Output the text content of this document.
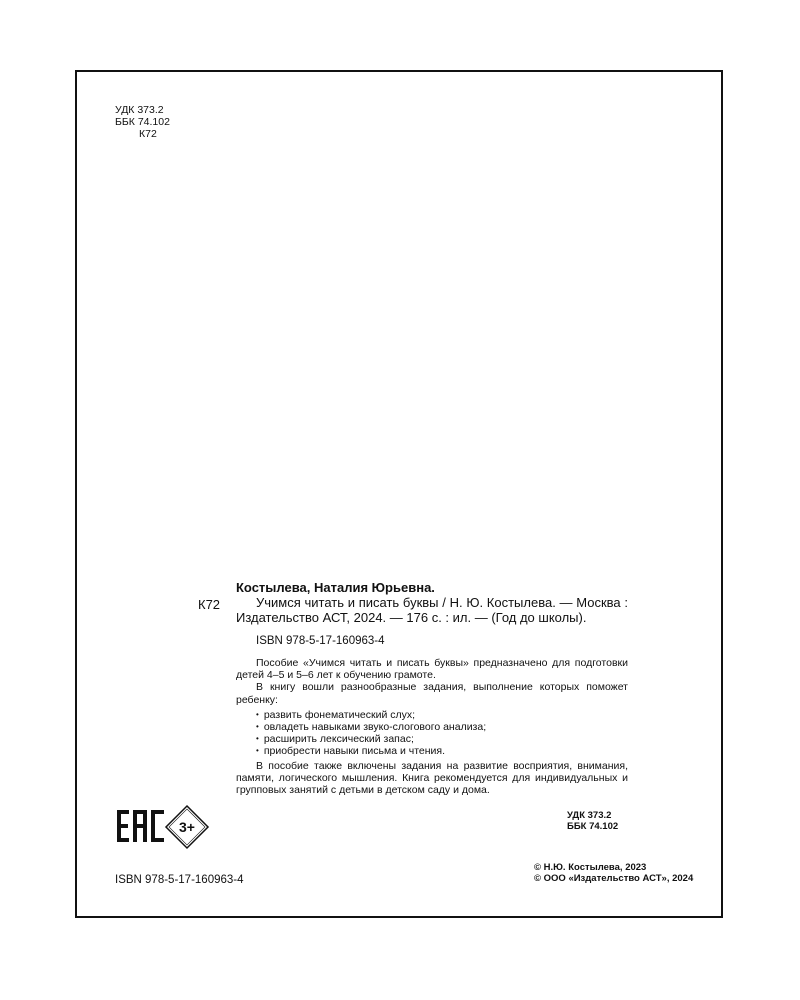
УДК 373.2
ББК 74.102
К72
К72
Костылева, Наталия Юрьевна.

Учимся читать и писать буквы / Н. Ю. Костылева. — Москва : Издательство АСТ, 2024. — 176 с. : ил. — (Год до школы).

ISBN 978-5-17-160963-4

Пособие «Учимся читать и писать буквы» предназначено для подготовки детей 4–5 и 5–6 лет к обучению грамоте.

В книгу вошли разнообразные задания, выполнение которых поможет ребенку:

• развить фонематический слух;
• овладеть навыками звуко-слогового анализа;
• расширить лексический запас;
• приобрести навыки письма и чтения.

В пособие также включены задания на развитие восприятия, внимания, памяти, логического мышления. Книга рекомендуется для индивидуальных и групповых занятий с детьми в детском саду и дома.

УДК 373.2
ББК 74.102
© Н.Ю. Костылева, 2023
© ООО «Издательство АСТ», 2024
ISBN 978-5-17-160963-4
3+
